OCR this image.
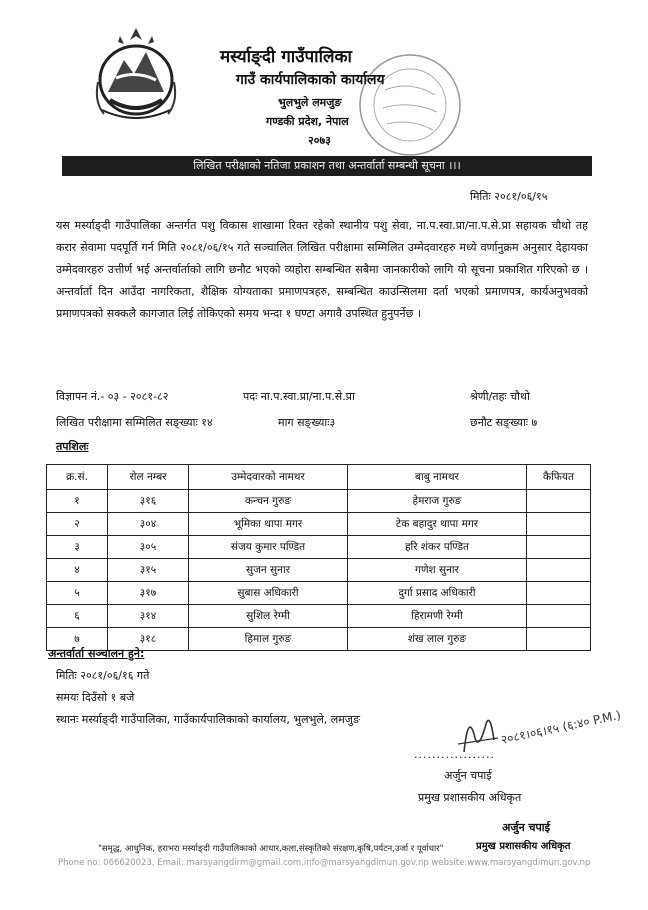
मर्स्याङ्दी गाउँपालिका
गाउँ कार्यपालिकाको कार्यालय
भुलभुले लमजुङ
गण्डकी प्रदेश, नेपाल
२०७३
लिखित परीक्षाको नतिजा प्रकाशन तथा अन्तर्वार्ता सम्बन्धी सूचना ।।।
मितिः २०८१/०६/१५
यस मर्स्याङ्दी गाउँपालिका अन्तर्गत पशु विकास शाखामा रिक्त रहेको स्थानीय पशु सेवा, ना.प.स्वा.प्रा/ना.प.से.प्रा सहायक चौथो तह करार सेवामा पदपूर्ति गर्न मिति २०८१/०६/१५ गते सञ्चालित लिखित परीक्षामा सम्मिलित उम्मेदवारहरु मध्ये वर्णानुक्रम अनुसार देहायका उम्मेदवारहरु उत्तीर्ण भई अन्तर्वार्ताको लागि छनौट भएको व्यहोरा सम्बन्धित सबैमा जानकारीको लागि यो सूचना प्रकाशित गरिएको छ । अन्तर्वार्ता दिन आउँदा नागरिकता, शैक्षिक योग्यताका प्रमाणपत्रहरु, सम्बन्धित काउन्सिलमा दर्ता भएको प्रमाणपत्र, कार्यअनुभवको प्रमाणपत्रको सक्कलै कागजात लिई तोकिएको समय भन्दा १ घण्टा अगावै उपस्थित हुनुपर्नेछ ।
विज्ञापन नं.- ०३ - २०८१-८२	पदः ना.प.स्वा.प्रा/ना.प.से.प्रा	श्रेणी/तहः चौथो
लिखित परीक्षामा सम्मिलित सङ्ख्याः १४	माग सङ्ख्याः३	छनौट सङ्ख्याः ७
तपशिलः
क्र.सं.	रोल नम्बर	उम्मेदवारको नामथर	बाबु नामथर	कैफियत
१	३१६	कन्चन गुरुङ	हेमराज गुरुङ	
२	३०४	भूमिका थापा मगर	टेक बहादुर थापा मगर	
३	३०५	संजय कुमार पण्डित	हरि शंकर पण्डित	
४	३१५	सुजन सुनार	गणेश सुनार	
५	३१७	सुबास अधिकारी	दुर्गा प्रसाद अधिकारी	
६	३१४	सुशिल रेग्मी	हिरामणी रेग्मी	
७	३१८	हिमाल गुरुङ	शंख लाल गुरुङ	
अन्तर्वार्ता सञ्चालन हुने:
मितिः २०८१/०६/१६ गते
समयः दिउँसो १ बजे
स्थानः मर्स्याङ्दी गाउँपालिका, गाउँकार्यपालिकाको कार्यालय, भुलभुले, लमजुङ	२०८१।०६।१५ (६:४० P.M.)
..................
अर्जुन चपाई
प्रमुख प्रशासकीय अधिकृत
अर्जुन चपाई
प्रमुख प्रशासकीय अधिकृत
"समृद्ध, आधुनिक, हराभरा मर्स्याङ्दी गाउँपालिकाको आधार,कला,संस्कृतिको संरक्षण,कृषि,पर्यटन,उर्जा र पूर्वाधार"
Phone no: 066620023, Email: marsyangdirm@gmail.com,info@marsyangdimun.gov.np website:www.marsyangdimun.gov.np
